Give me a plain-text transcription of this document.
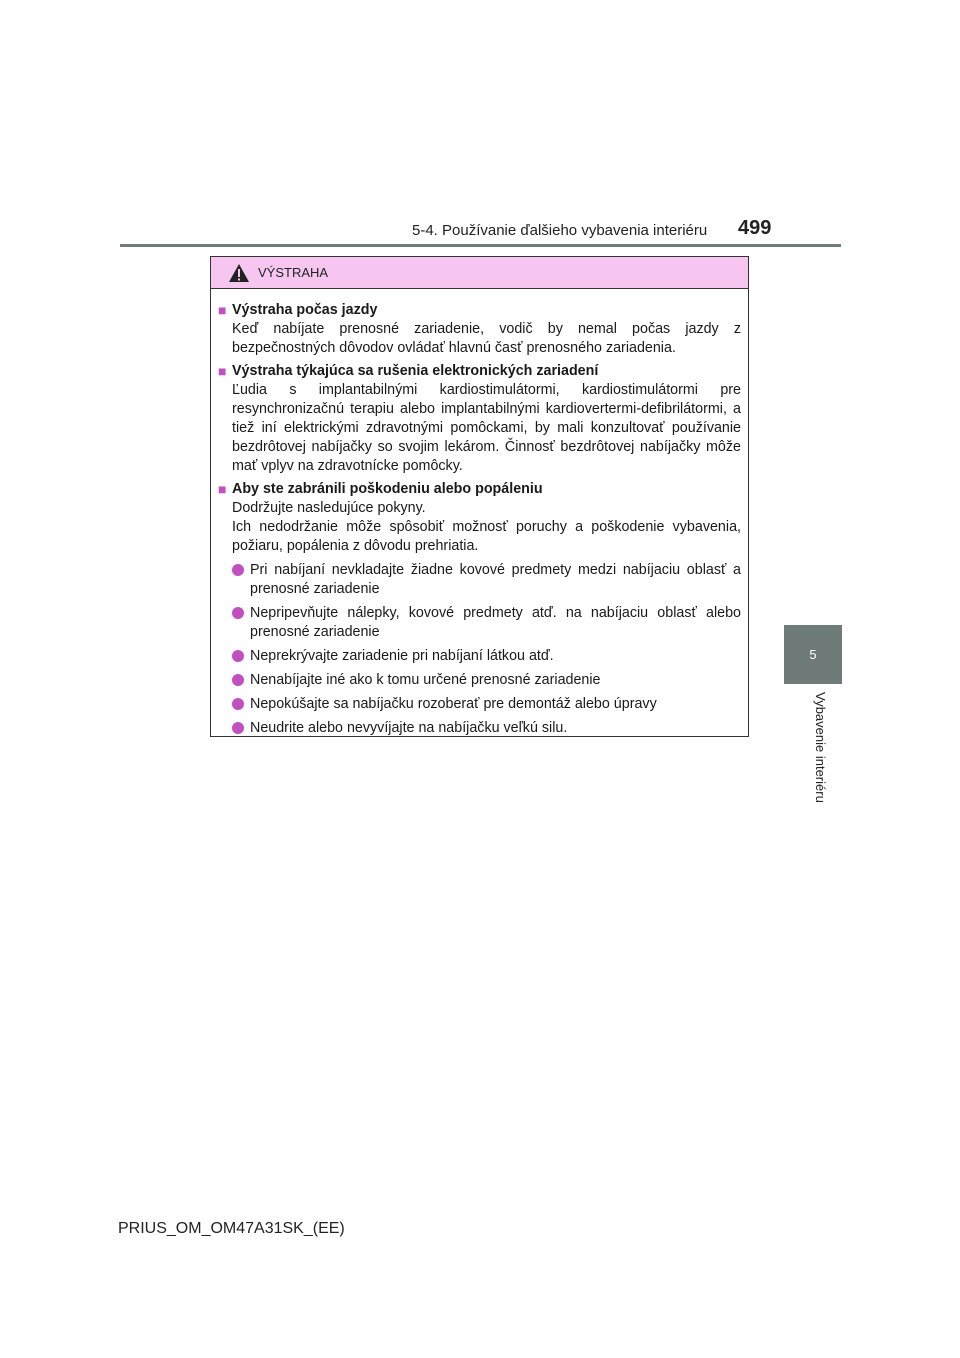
5-4. Používanie ďalšieho vybavenia interiéru 499
5
Vybavenie interiéru
VÝSTRAHA
■ Výstraha počas jazdy

Keď nabíjate prenosné zariadenie, vodič by nemal počas jazdy z bezpečnostných dôvodov ovládať hlavnú časť prenosného zariadenia.

■ Výstraha týkajúca sa rušenia elektronických zariadení

Ľudia s implantabilnými kardiostimulátormi, kardiostimulátormi pre resynchronizačnú terapiu alebo implantabilnými kardiovertermi-defibrilátormi, a tiež iní elektrickými zdravotnými pomôckami, by mali konzultovať používanie bezdrôtovej nabíjačky so svojim lekárom. Činnosť bezdrôtovej nabíjačky môže mať vplyv na zdravotnícke pomôcky.

■ Aby ste zabránili poškodeniu alebo popáleniu

Dodržujte nasledujúce pokyny.

Ich nedodržanie môže spôsobiť možnosť poruchy a poškodenie vybavenia, požiaru, popálenia z dôvodu prehriatia.

Pri nabíjaní nevkladajte žiadne kovové predmety medzi nabíjaciu oblasť a prenosné zariadenie
Nepripevňujte nálepky, kovové predmety atď. na nabíjaciu oblasť alebo prenosné zariadenie
Neprekrývajte zariadenie pri nabíjaní látkou atď.
Nenabíjajte iné ako k tomu určené prenosné zariadenie
Nepokúšajte sa nabíjačku rozoberať pre demontáž alebo úpravy
Neudrite alebo nevyvíjajte na nabíjačku veľkú silu.
PRIUS_OM_OM47A31SK_(EE)
